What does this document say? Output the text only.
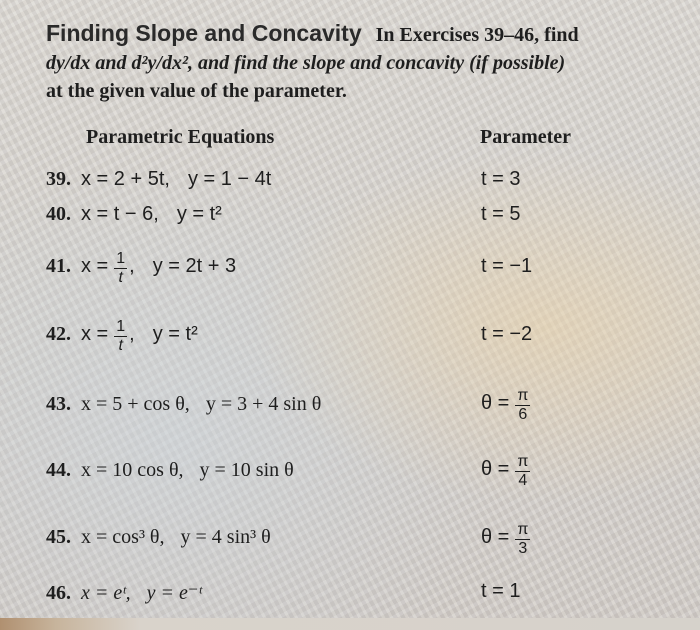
Finding Slope and Concavity In Exercises 39–46, find
dy/dx and d²y/dx², and find the slope and concavity (if possible)
at the given value of the parameter.
Parametric Equations	Parameter
39. x = 2 + 5t, y = 1 − 4t	t = 3
40. x = t − 6, y = t²	t = 5
41. $x = \frac{1}{t}$ , y = 2t + 3	t = −1
42. $x = \frac{1}{t}$ , y = t²	t = −2
43. x = 5 + cos θ, y = 3 + 4 sin θ	$\theta = \frac{\pi}{6}$
44. x = 10 cos θ, y = 10 sin θ	$\theta = \frac{\pi}{4}$
45. x = cos³ θ, y = 4 sin³ θ	$\theta = \frac{\pi}{3}$
46. x = eᵗ, y = e⁻ᵗ	t = 1
